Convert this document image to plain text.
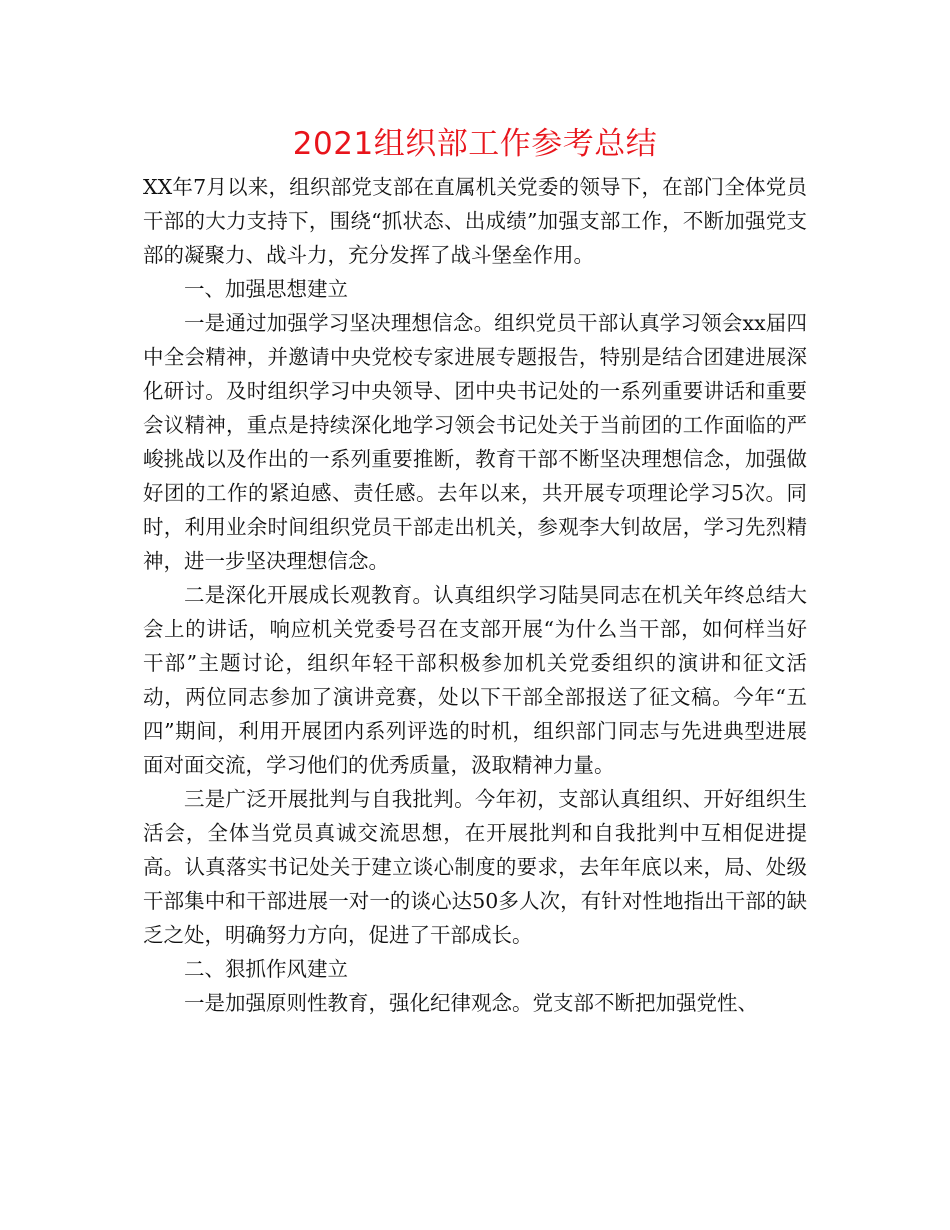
2021组织部工作参考总结

XX年7月以来，组织部党支部在直属机关党委的领导下，在部门全体党员干部的大力支持下，围绕“抓状态、出成绩”加强支部工作，不断加强党支部的凝聚力、战斗力，充分发挥了战斗堡垒作用。

一、加强思想建立

一是通过加强学习坚决理想信念。组织党员干部认真学习领会xx届四中全会精神，并邀请中央党校专家进展专题报告，特别是结合团建进展深化研讨。及时组织学习中央领导、团中央书记处的一系列重要讲话和重要会议精神，重点是持续深化地学习领会书记处关于当前团的工作面临的严峻挑战以及作出的一系列重要推断，教育干部不断坚决理想信念，加强做好团的工作的紧迫感、责任感。去年以来，共开展专项理论学习5次。同时，利用业余时间组织党员干部走出机关，参观李大钊故居，学习先烈精神，进一步坚决理想信念。

二是深化开展成长观教育。认真组织学习陆昊同志在机关年终总结大会上的讲话，响应机关党委号召在支部开展“为什么当干部，如何样当好干部”主题讨论，组织年轻干部积极参加机关党委组织的演讲和征文活动，两位同志参加了演讲竞赛，处以下干部全部报送了征文稿。今年“五四”期间，利用开展团内系列评选的时机，组织部门同志与先进典型进展面对面交流，学习他们的优秀质量，汲取精神力量。

三是广泛开展批判与自我批判。今年初，支部认真组织、开好组织生活会，全体当党员真诚交流思想，在开展批判和自我批判中互相促进提高。认真落实书记处关于建立谈心制度的要求，去年年底以来，局、处级干部集中和干部进展一对一的谈心达50多人次，有针对性地指出干部的缺乏之处，明确努力方向，促进了干部成长。

二、狠抓作风建立

一是加强原则性教育，强化纪律观念。党支部不断把加强党性、
